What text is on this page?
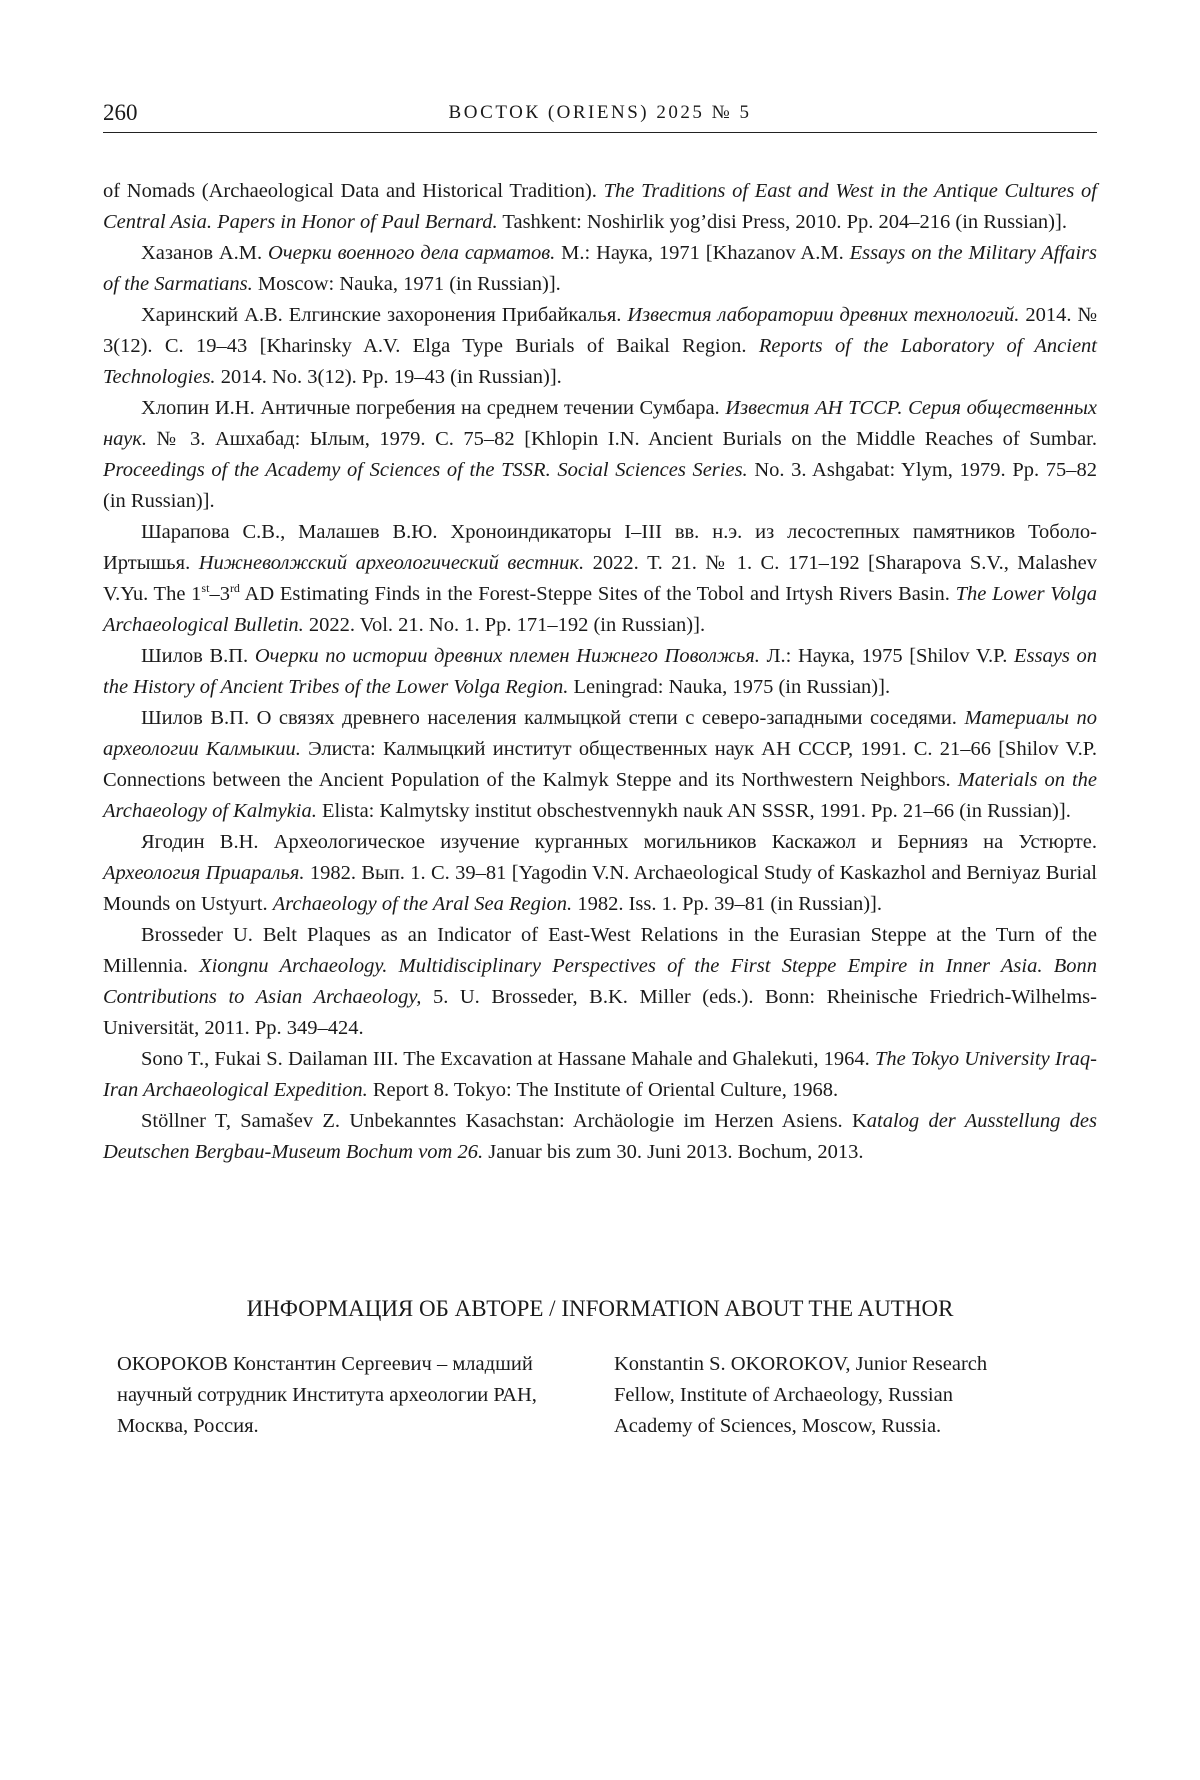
260	ВОСТОК (ORIENS) 2025 № 5

of Nomads (Archaeological Data and Historical Tradition). The Traditions of East and West in the Antique Cultures of Central Asia. Papers in Honor of Paul Bernard. Tashkent: Noshirlik yog’disi Press, 2010. Pp. 204–216 (in Russian)].

Хазанов А.М. Очерки военного дела сарматов. М.: Наука, 1971 [Khazanov A.M. Essays on the Military Affairs of the Sarmatians. Moscow: Nauka, 1971 (in Russian)].

Харинский А.В. Елгинские захоронения Прибайкалья. Известия лаборатории древних технологий. 2014. № 3(12). С. 19–43 [Kharinsky A.V. Elga Type Burials of Baikal Region. Reports of the Laboratory of Ancient Technologies. 2014. No. 3(12). Pp. 19–43 (in Russian)].

Хлопин И.Н. Античные погребения на среднем течении Сумбара. Известия АН ТССР. Серия общественных наук. № 3. Ашхабад: Ылым, 1979. С. 75–82 [Khlopin I.N. Ancient Burials on the Middle Reaches of Sumbar. Proceedings of the Academy of Sciences of the TSSR. Social Sciences Series. No. 3. Ashgabat: Ylym, 1979. Pp. 75–82 (in Russian)].

Шарапова С.В., Малашев В.Ю. Хроноиндикаторы I–III вв. н.э. из лесостепных памятников Тоболо-Иртышья. Нижневолжский археологический вестник. 2022. Т. 21. № 1. С. 171–192 [Sharapova S.V., Malashev V.Yu. The 1st–3rd AD Estimating Finds in the Forest-Steppe Sites of the Tobol and Irtysh Rivers Basin. The Lower Volga Archaeological Bulletin. 2022. Vol. 21. No. 1. Pp. 171–192 (in Russian)].

Шилов В.П. Очерки по истории древних племен Нижнего Поволжья. Л.: Наука, 1975 [Shilov V.P. Essays on the History of Ancient Tribes of the Lower Volga Region. Leningrad: Nauka, 1975 (in Russian)].

Шилов В.П. О связях древнего населения калмыцкой степи с северо-западными соседями. Материалы по археологии Калмыкии. Элиста: Калмыцкий институт общественных наук АН СССР, 1991. С. 21–66 [Shilov V.P. Connections between the Ancient Population of the Kalmyk Steppe and its Northwestern Neighbors. Materials on the Archaeology of Kalmykia. Elista: Kalmytsky institut obschestvennykh nauk AN SSSR, 1991. Pp. 21–66 (in Russian)].

Ягодин В.Н. Археологическое изучение курганных могильников Каскажол и Бернияз на Устюрте. Археология Приаралья. 1982. Вып. 1. С. 39–81 [Yagodin V.N. Archaeological Study of Kaskazhol and Berniyaz Burial Mounds on Ustyurt. Archaeology of the Aral Sea Region. 1982. Iss. 1. Pp. 39–81 (in Russian)].

Brosseder U. Belt Plaques as an Indicator of East-West Relations in the Eurasian Steppe at the Turn of the Millennia. Xiongnu Archaeology. Multidisciplinary Perspectives of the First Steppe Empire in Inner Asia. Bonn Contributions to Asian Archaeology, 5. U. Brosseder, B.K. Miller (eds.). Bonn: Rheinische Friedrich-Wilhelms-Universität, 2011. Pp. 349–424.

Sono T., Fukai S. Dailaman III. The Excavation at Hassane Mahale and Ghalekuti, 1964. The Tokyo University Iraq-Iran Archaeological Expedition. Report 8. Tokyo: The Institute of Oriental Culture, 1968.

Stöllner T, Samašev Z. Unbekanntes Kasachstan: Archäologie im Herzen Asiens. Katalog der Ausstellung des Deutschen Bergbau-Museum Bochum vom 26. Januar bis zum 30. Juni 2013. Bochum, 2013.

ИНФОРМАЦИЯ ОБ АВТОРЕ / INFORMATION ABOUT THE AUTHOR
ОКОРОКОВ Константин Сергеевич – младший научный сотрудник Института археологии РАН, Москва, Россия.
Konstantin S. OKOROKOV, Junior Research Fellow, Institute of Archaeology, Russian Academy of Sciences, Moscow, Russia.
